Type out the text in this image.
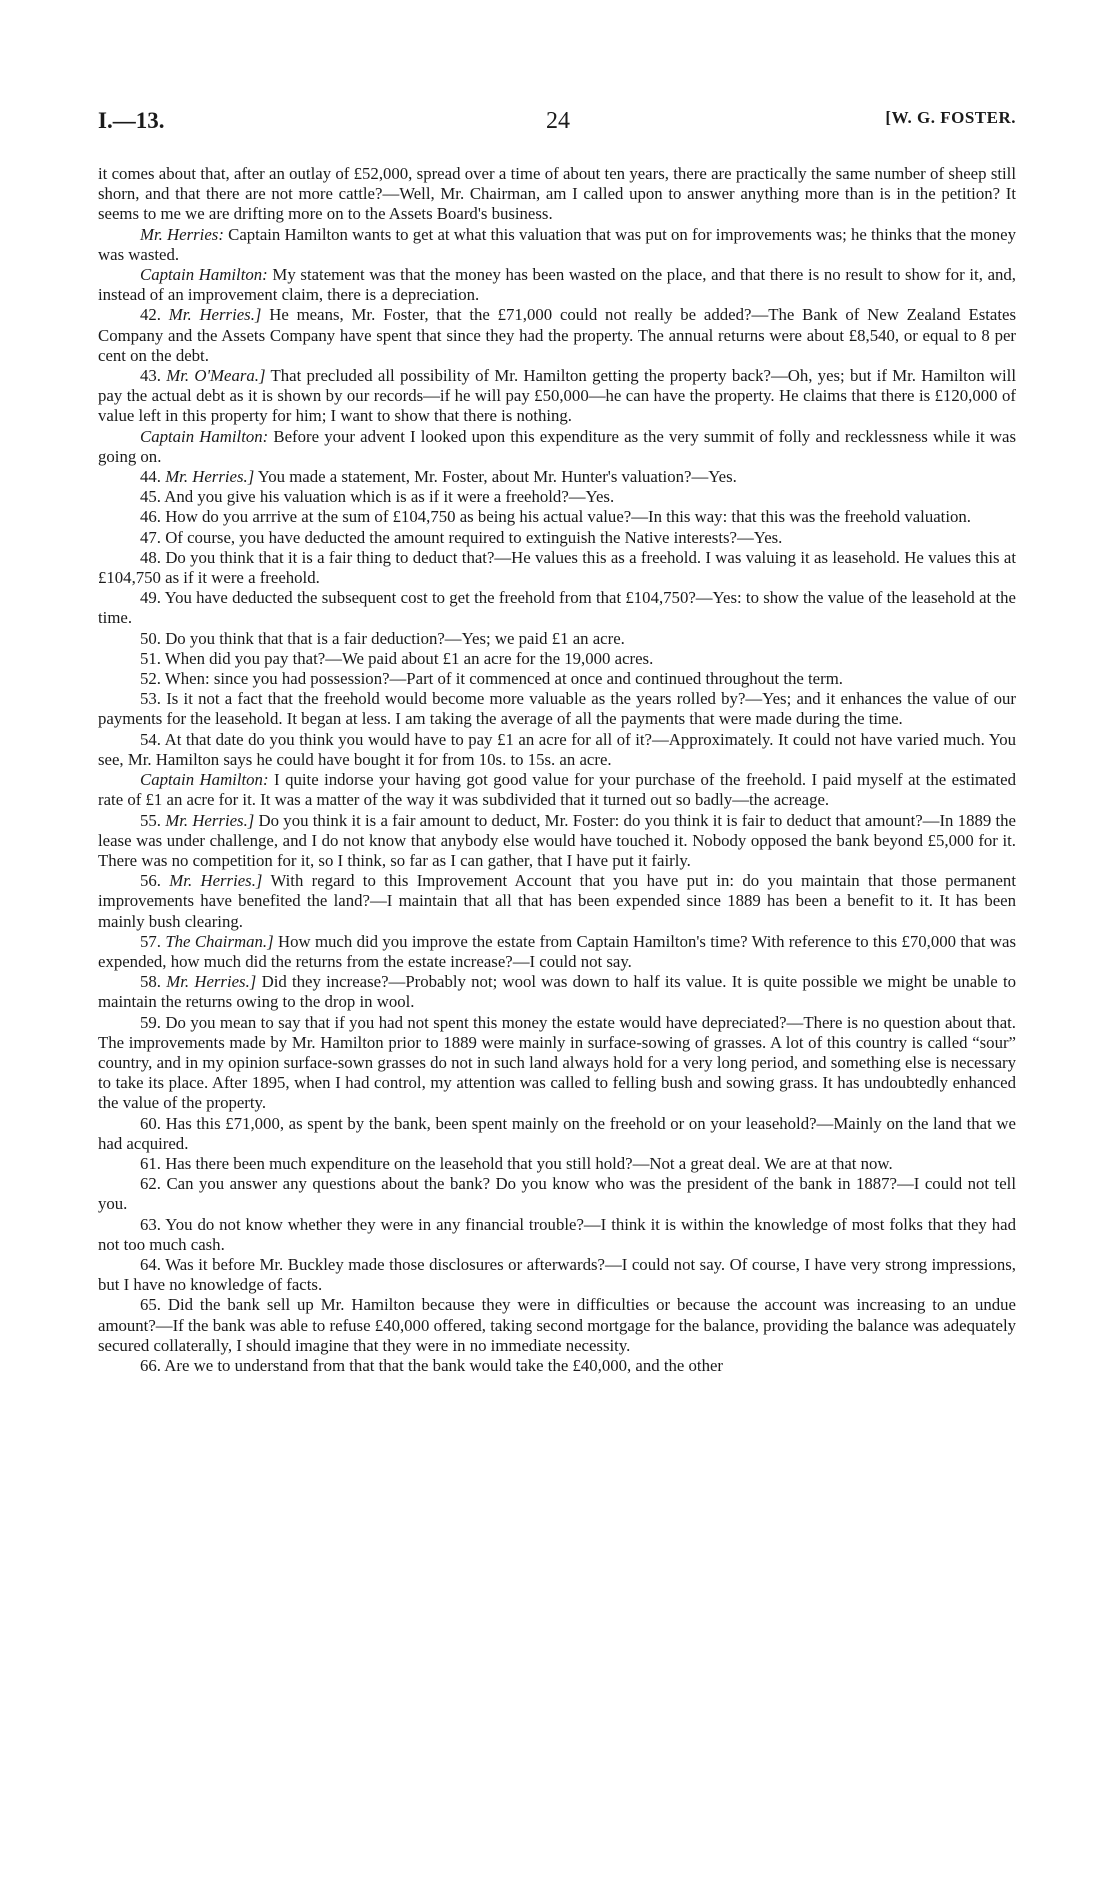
I.—13.	24	[W. G. FOSTER.

it comes about that, after an outlay of £52,000, spread over a time of about ten years, there are practically the same number of sheep still shorn, and that there are not more cattle?—Well, Mr. Chairman, am I called upon to answer anything more than is in the petition? It seems to me we are drifting more on to the Assets Board's business.

Mr. Herries: Captain Hamilton wants to get at what this valuation that was put on for improvements was; he thinks that the money was wasted.

Captain Hamilton: My statement was that the money has been wasted on the place, and that there is no result to show for it, and, instead of an improvement claim, there is a depreciation.

42. Mr. Herries.] He means, Mr. Foster, that the £71,000 could not really be added?—The Bank of New Zealand Estates Company and the Assets Company have spent that since they had the property. The annual returns were about £8,540, or equal to 8 per cent on the debt.

43. Mr. O'Meara.] That precluded all possibility of Mr. Hamilton getting the property back?—Oh, yes; but if Mr. Hamilton will pay the actual debt as it is shown by our records—if he will pay £50,000—he can have the property. He claims that there is £120,000 of value left in this property for him; I want to show that there is nothing.

Captain Hamilton: Before your advent I looked upon this expenditure as the very summit of folly and recklessness while it was going on.

44. Mr. Herries.] You made a statement, Mr. Foster, about Mr. Hunter's valuation?—Yes.

45. And you give his valuation which is as if it were a freehold?—Yes.

46. How do you arrrive at the sum of £104,750 as being his actual value?—In this way: that this was the freehold valuation.

47. Of course, you have deducted the amount required to extinguish the Native interests?—Yes.

48. Do you think that it is a fair thing to deduct that?—He values this as a freehold. I was valuing it as leasehold. He values this at £104,750 as if it were a freehold.

49. You have deducted the subsequent cost to get the freehold from that £104,750?—Yes: to show the value of the leasehold at the time.

50. Do you think that that is a fair deduction?—Yes; we paid £1 an acre.

51. When did you pay that?—We paid about £1 an acre for the 19,000 acres.

52. When: since you had possession?—Part of it commenced at once and continued throughout the term.

53. Is it not a fact that the freehold would become more valuable as the years rolled by?—Yes; and it enhances the value of our payments for the leasehold. It began at less. I am taking the average of all the payments that were made during the time.

54. At that date do you think you would have to pay £1 an acre for all of it?—Approximately. It could not have varied much. You see, Mr. Hamilton says he could have bought it for from 10s. to 15s. an acre.

Captain Hamilton: I quite indorse your having got good value for your purchase of the freehold. I paid myself at the estimated rate of £1 an acre for it. It was a matter of the way it was subdivided that it turned out so badly—the acreage.

55. Mr. Herries.] Do you think it is a fair amount to deduct, Mr. Foster: do you think it is fair to deduct that amount?—In 1889 the lease was under challenge, and I do not know that anybody else would have touched it. Nobody opposed the bank beyond £5,000 for it. There was no competition for it, so I think, so far as I can gather, that I have put it fairly.

56. Mr. Herries.] With regard to this Improvement Account that you have put in: do you maintain that those permanent improvements have benefited the land?—I maintain that all that has been expended since 1889 has been a benefit to it. It has been mainly bush clearing.

57. The Chairman.] How much did you improve the estate from Captain Hamilton's time? With reference to this £70,000 that was expended, how much did the returns from the estate increase?—I could not say.

58. Mr. Herries.] Did they increase?—Probably not; wool was down to half its value. It is quite possible we might be unable to maintain the returns owing to the drop in wool.

59. Do you mean to say that if you had not spent this money the estate would have depreciated?—There is no question about that. The improvements made by Mr. Hamilton prior to 1889 were mainly in surface-sowing of grasses. A lot of this country is called “sour” country, and in my opinion surface-sown grasses do not in such land always hold for a very long period, and something else is necessary to take its place. After 1895, when I had control, my attention was called to felling bush and sowing grass. It has undoubtedly enhanced the value of the property.

60. Has this £71,000, as spent by the bank, been spent mainly on the freehold or on your leasehold?—Mainly on the land that we had acquired.

61. Has there been much expenditure on the leasehold that you still hold?—Not a great deal. We are at that now.

62. Can you answer any questions about the bank? Do you know who was the president of the bank in 1887?—I could not tell you.

63. You do not know whether they were in any financial trouble?—I think it is within the knowledge of most folks that they had not too much cash.

64. Was it before Mr. Buckley made those disclosures or afterwards?—I could not say. Of course, I have very strong impressions, but I have no knowledge of facts.

65. Did the bank sell up Mr. Hamilton because they were in difficulties or because the account was increasing to an undue amount?—If the bank was able to refuse £40,000 offered, taking second mortgage for the balance, providing the balance was adequately secured collaterally, I should imagine that they were in no immediate necessity.

66. Are we to understand from that that the bank would take the £40,000, and the other
